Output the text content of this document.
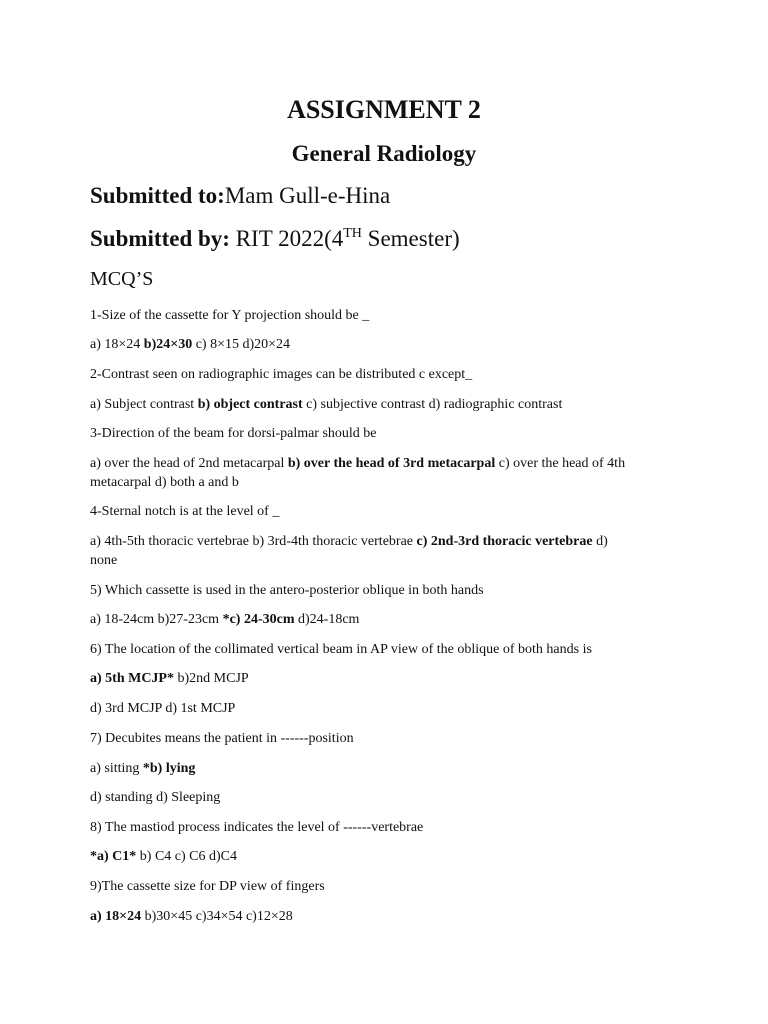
ASSIGNMENT 2
General Radiology
Submitted to:Mam Gull-e-Hina
Submitted by: RIT 2022(4TH Semester)
MCQ’S
1-Size of the cassette for Y projection should be _
a) 18×24 b)24×30 c) 8×15 d)20×24
2-Contrast seen on radiographic images can be distributed c except_
a) Subject contrast b) object contrast c) subjective contrast d) radiographic contrast
3-Direction of the beam for dorsi-palmar should be
a) over the head of 2nd metacarpal b) over the head of 3rd metacarpal c) over the head of 4th
metacarpal d) both a and b
4-Sternal notch is at the level of _
a) 4th-5th thoracic vertebrae b) 3rd-4th thoracic vertebrae c) 2nd-3rd thoracic vertebrae d)
none
5) Which cassette is used in the antero-posterior oblique in both hands
a) 18-24cm b)27-23cm *c) 24-30cm d)24-18cm
6) The location of the collimated vertical beam in AP view of the oblique of both hands is
a) 5th MCJP* b)2nd MCJP
d) 3rd MCJP d) 1st MCJP
7) Decubites means the patient in ------position
a) sitting *b) lying
d) standing d) Sleeping
8) The mastiod process indicates the level of ------vertebrae
*a) C1* b) C4 c) C6 d)C4
9)The cassette size for DP view of fingers
a) 18×24 b)30×45 c)34×54 c)12×28
